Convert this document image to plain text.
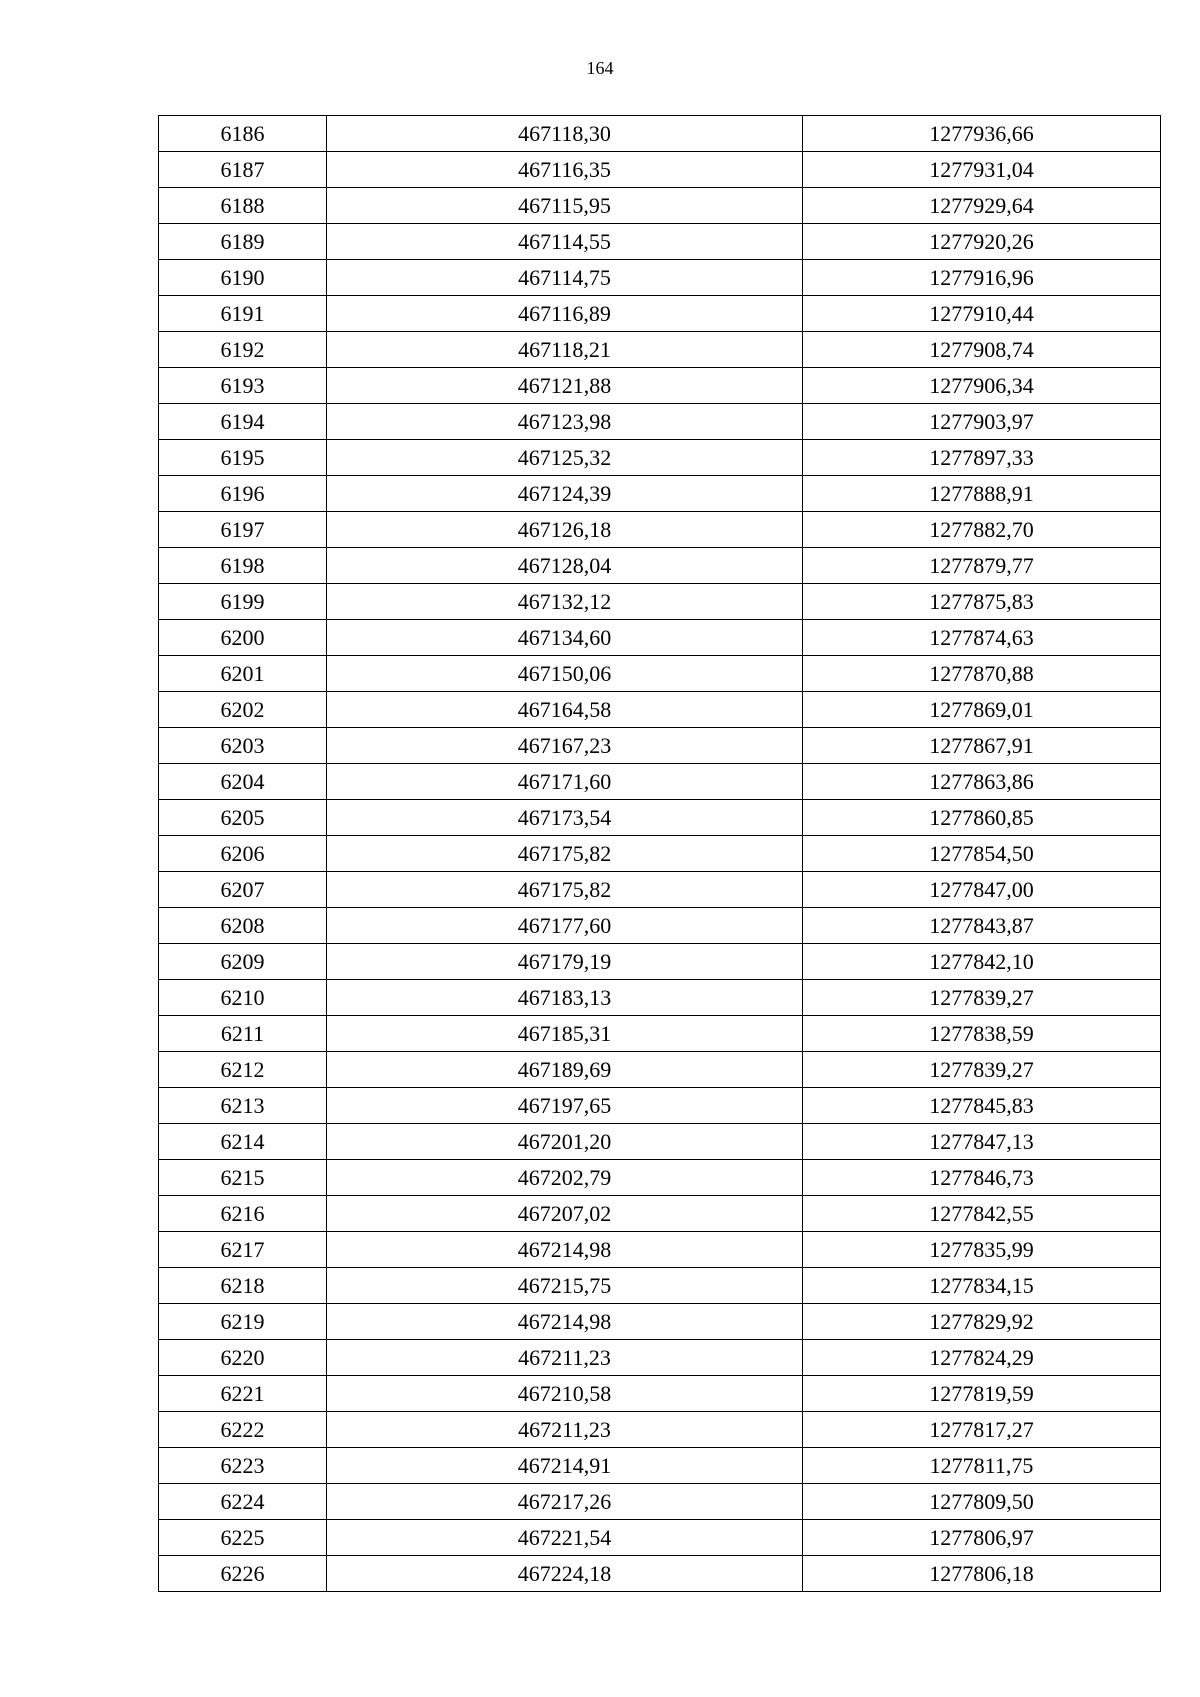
164
6186	467118,30	1277936,66
6187	467116,35	1277931,04
6188	467115,95	1277929,64
6189	467114,55	1277920,26
6190	467114,75	1277916,96
6191	467116,89	1277910,44
6192	467118,21	1277908,74
6193	467121,88	1277906,34
6194	467123,98	1277903,97
6195	467125,32	1277897,33
6196	467124,39	1277888,91
6197	467126,18	1277882,70
6198	467128,04	1277879,77
6199	467132,12	1277875,83
6200	467134,60	1277874,63
6201	467150,06	1277870,88
6202	467164,58	1277869,01
6203	467167,23	1277867,91
6204	467171,60	1277863,86
6205	467173,54	1277860,85
6206	467175,82	1277854,50
6207	467175,82	1277847,00
6208	467177,60	1277843,87
6209	467179,19	1277842,10
6210	467183,13	1277839,27
6211	467185,31	1277838,59
6212	467189,69	1277839,27
6213	467197,65	1277845,83
6214	467201,20	1277847,13
6215	467202,79	1277846,73
6216	467207,02	1277842,55
6217	467214,98	1277835,99
6218	467215,75	1277834,15
6219	467214,98	1277829,92
6220	467211,23	1277824,29
6221	467210,58	1277819,59
6222	467211,23	1277817,27
6223	467214,91	1277811,75
6224	467217,26	1277809,50
6225	467221,54	1277806,97
6226	467224,18	1277806,18
